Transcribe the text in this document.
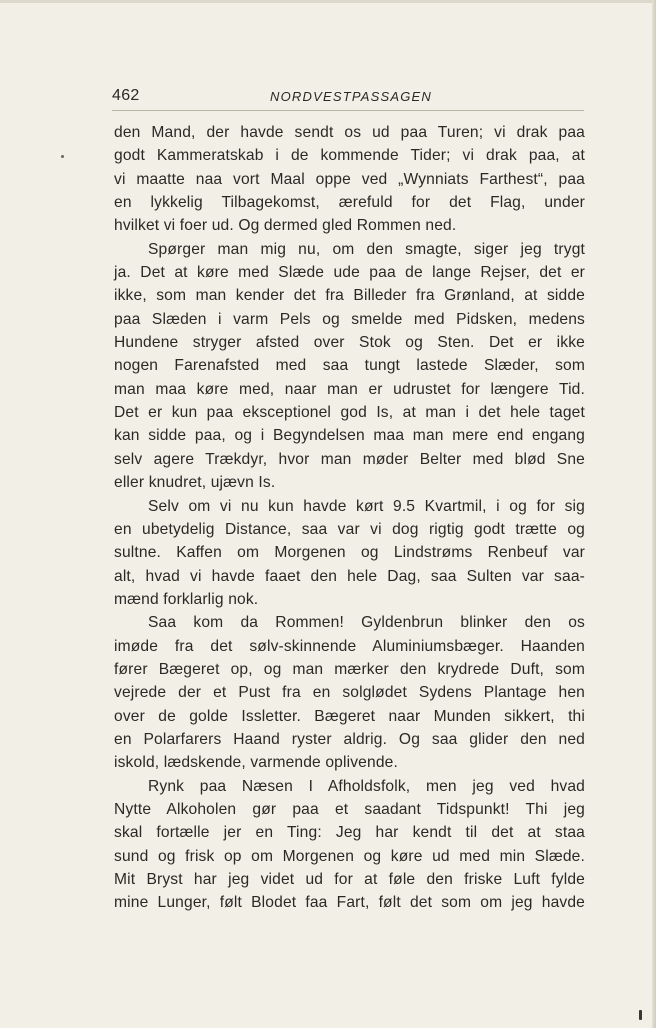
462	NORDVESTPASSAGEN
den Mand, der havde sendt os ud paa Turen; vi drak paa
godt Kammeratskab i de kommende Tider; vi drak paa, at
vi maatte naa vort Maal oppe ved „Wynniats Farthest“, paa
en lykkelig Tilbagekomst, ærefuld for det Flag, under
hvilket vi foer ud. Og dermed gled Rommen ned.
Spørger man mig nu, om den smagte, siger jeg trygt
ja. Det at køre med Slæde ude paa de lange Rejser, det er
ikke, som man kender det fra Billeder fra Grønland, at sidde
paa Slæden i varm Pels og smelde med Pidsken, medens
Hundene stryger afsted over Stok og Sten. Det er ikke
nogen Farenafsted med saa tungt lastede Slæder, som
man maa køre med, naar man er udrustet for længere Tid.
Det er kun paa eksceptionel god Is, at man i det hele taget
kan sidde paa, og i Begyndelsen maa man mere end engang
selv agere Trækdyr, hvor man møder Belter med blød Sne
eller knudret, ujævn Is.
Selv om vi nu kun havde kørt 9.5 Kvartmil, i og for sig
en ubetydelig Distance, saa var vi dog rigtig godt trætte og
sultne. Kaffen om Morgenen og Lindstrøms Renbeuf var
alt, hvad vi havde faaet den hele Dag, saa Sulten var saa-
mænd forklarlig nok.
Saa kom da Rommen! Gyldenbrun blinker den os
imøde fra det sølv-skinnende Aluminiumsbæger. Haanden
fører Bægeret op, og man mærker den krydrede Duft, som
vejrede der et Pust fra en solglødet Sydens Plantage hen
over de golde Issletter. Bægeret naar Munden sikkert, thi
en Polarfarers Haand ryster aldrig. Og saa glider den ned
iskold, lædskende, varmende oplivende.
Rynk paa Næsen I Afholdsfolk, men jeg ved hvad
Nytte Alkoholen gør paa et saadant Tidspunkt! Thi jeg
skal fortælle jer en Ting: Jeg har kendt til det at staa
sund og frisk op om Morgenen og køre ud med min Slæde.
Mit Bryst har jeg videt ud for at føle den friske Luft fylde
mine Lunger, følt Blodet faa Fart, følt det som om jeg havde
